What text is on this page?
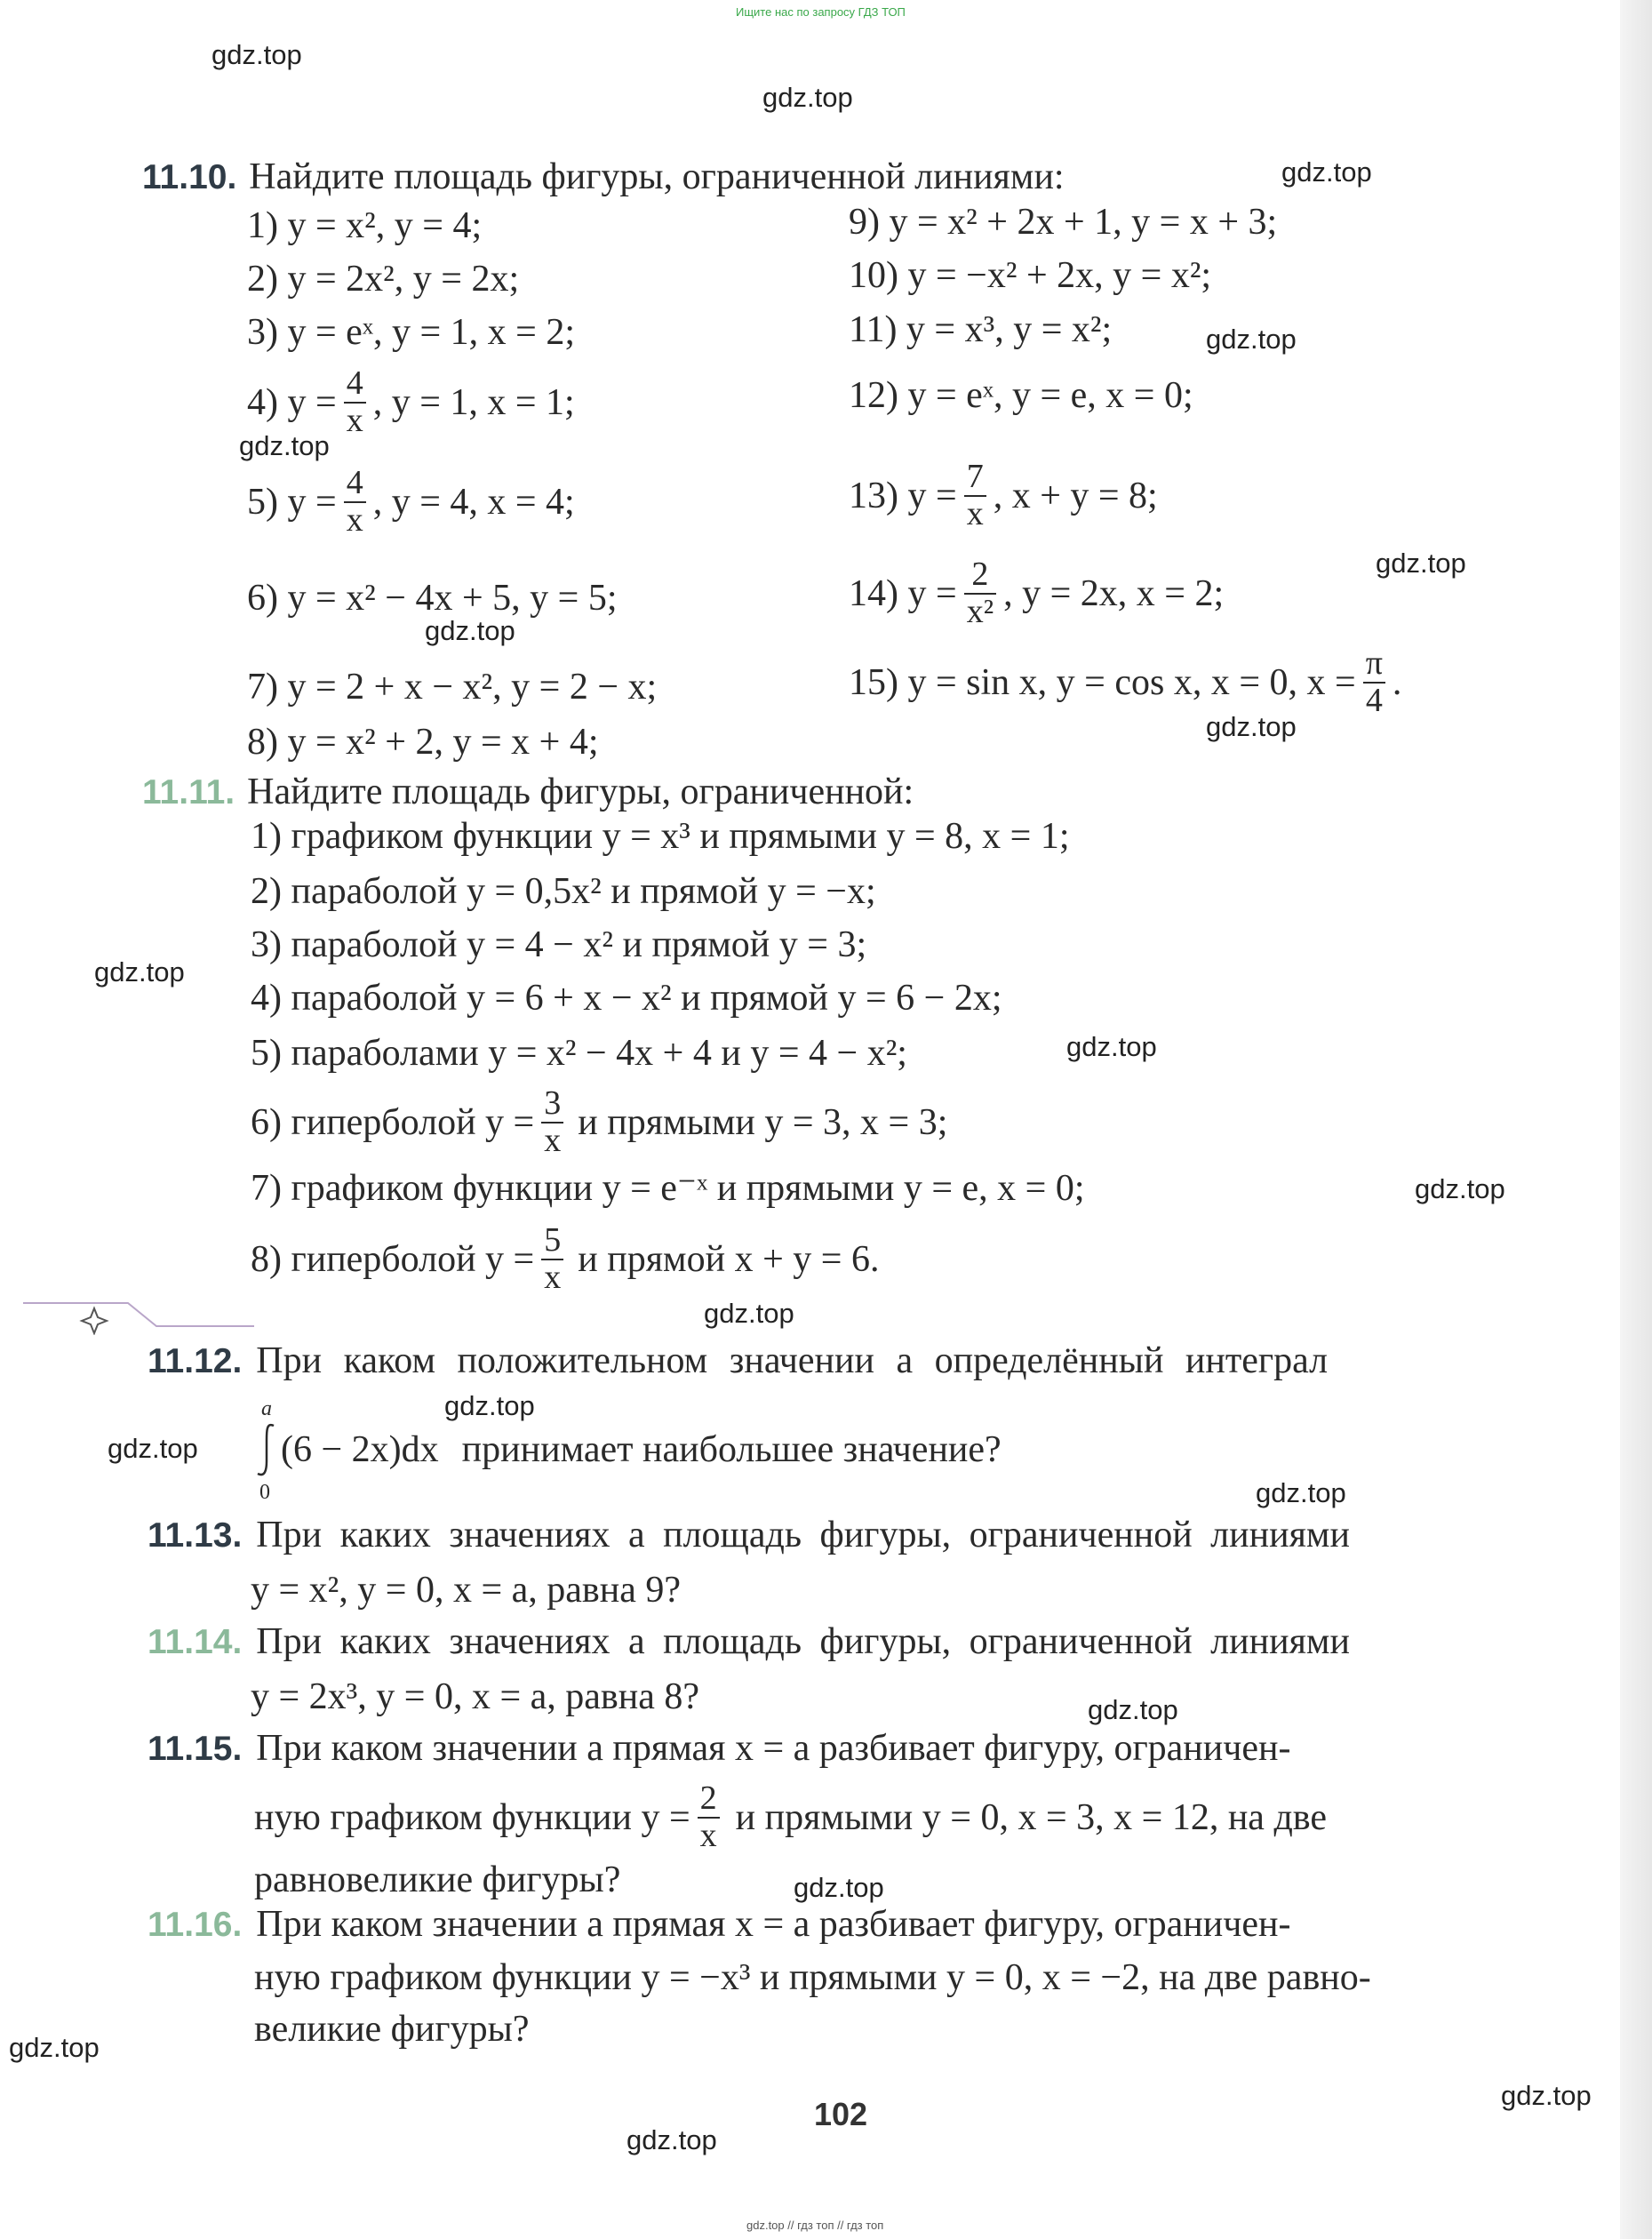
Ищите нас по запросу ГДЗ ТОП
gdz.top
gdz.top
gdz.top
gdz.top
gdz.top
gdz.top
gdz.top
gdz.top
gdz.top
gdz.top
gdz.top
gdz.top
gdz.top
gdz.top
gdz.top
gdz.top
gdz.top
gdz.top
gdz.top
gdz.top
11.10. Найдите площадь фигуры, ограниченной линиями:
1) y = x², y = 4;
2) y = 2x², y = 2x;
3) y = eˣ, y = 1, x = 2;
4) $y = \frac{4}{x}$ , y = 1, x = 1;
5) $y = \frac{4}{x}$ , y = 4, x = 4;
6) y = x² − 4x + 5, y = 5;
7) y = 2 + x − x², y = 2 − x;
8) y = x² + 2, y = x + 4;
9) y = x² + 2x + 1, y = x + 3;
10) y = −x² + 2x, y = x²;
11) y = x³, y = x²;
12) y = eˣ, y = e, x = 0;
13) $y = \frac{7}{x}$ , x + y = 8;
14) $y = \frac{2}{\text{x²}}$ , y = 2x, x = 2;
15) y = sin x, y = cos x, x = 0, $x = \frac{\pi}{4}$ .
11.11. Найдите площадь фигуры, ограниченной:
1) графиком функции y = x³ и прямыми y = 8, x = 1;
2) параболой y = 0,5x² и прямой y = −x;
3) параболой y = 4 − x² и прямой y = 3;
4) параболой y = 6 + x − x² и прямой y = 6 − 2x;
5) параболами y = x² − 4x + 4 и y = 4 − x²;
6) гиперболой $y = \frac{3}{x}$ и прямыми y = 3, x = 3;
7) графиком функции y = e⁻ˣ и прямыми y = e, x = 0;
8) гиперболой $y = \frac{5}{x}$ и прямой x + y = 6.
11.12. При каком положительном значении a определённый интеграл
a
0
(6 − 2x)dx принимает наибольшее значение?
11.13. При каких значениях a площадь фигуры, ограниченной линиями
y = x², y = 0, x = a, равна 9?
11.14. При каких значениях a площадь фигуры, ограниченной линиями
y = 2x³, y = 0, x = a, равна 8?
11.15. При каком значении a прямая x = a разбивает фигуру, ограничен-
ную графиком функции $y = \frac{2}{x}$ и прямыми y = 0, x = 3, x = 12, на две
равновеликие фигуры?
11.16. При каком значении a прямая x = a разбивает фигуру, ограничен-
ную графиком функции y = −x³ и прямыми y = 0, x = −2, на две равно-
великие фигуры?
102
gdz.top // гдз топ // гдз топ
